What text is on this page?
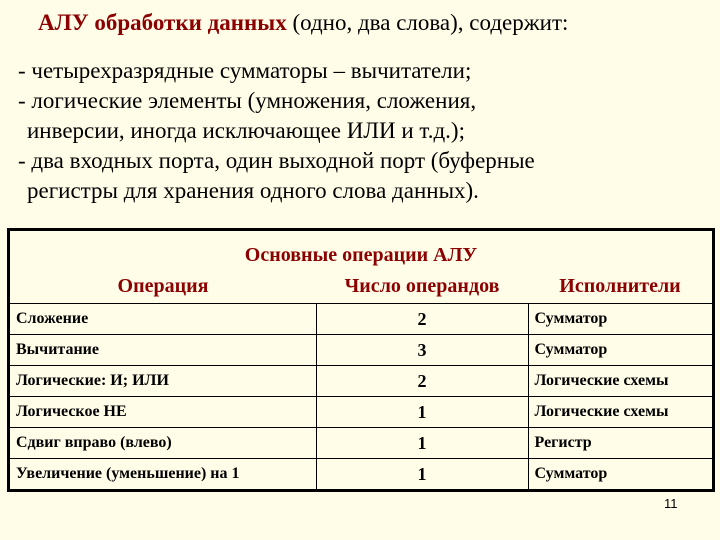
АЛУ обработки данных (одно, два слова), содержит:
- четырехразрядные сумматоры – вычитатели;
- логические элементы (умножения, сложения,
инверсии, иногда исключающее ИЛИ и т.д.);
- два входных порта, один выходной порт (буферные
регистры для хранения одного слова данных).
Основные операции АЛУ		
Операция	Число операндов	Исполнители
Сложение	2	Сумматор
Вычитание	3	Сумматор
Логические: И; ИЛИ	2	Логические схемы
Логическое НЕ	1	Логические схемы
Сдвиг вправо (влево)	1	Регистр
Увеличение (уменьшение) на 1	1	Сумматор
11
